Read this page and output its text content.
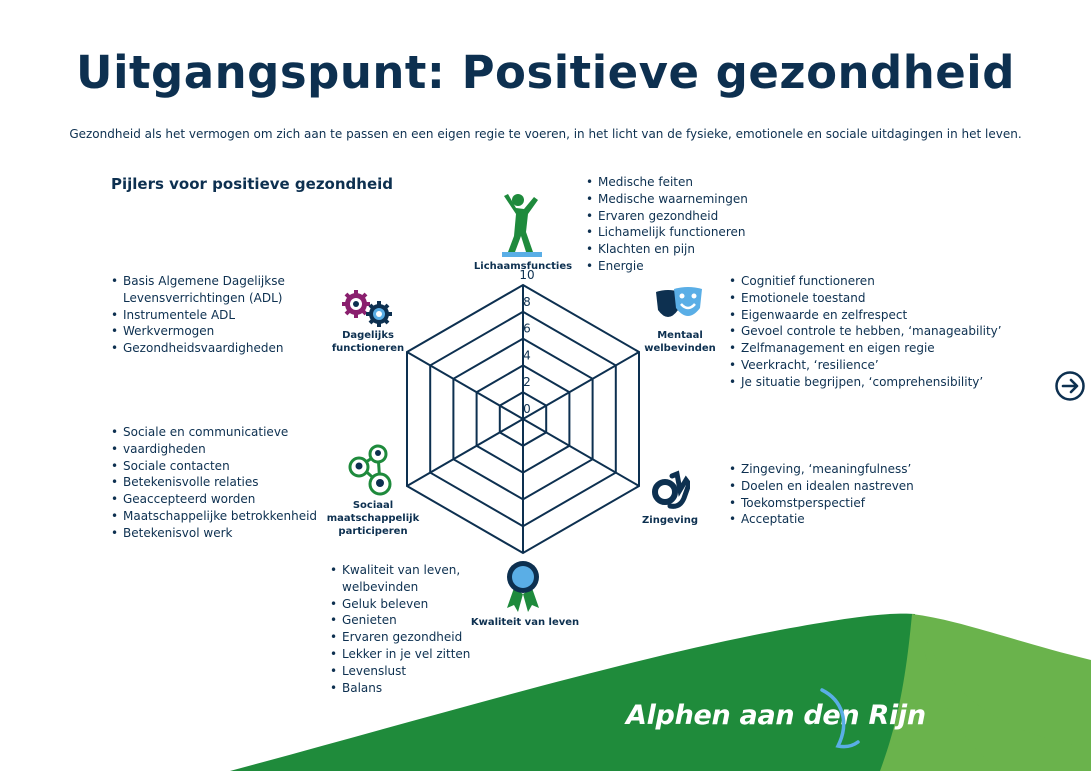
Uitgangspunt: Positieve gezondheid
Gezondheid als het vermogen om zich aan te passen en een eigen regie te voeren, in het licht van de fysieke, emotionele en sociale uitdagingen in het leven.
Pijlers voor positieve gezondheid
0
2
4
6
8
10
Lichaamsfuncties
• Medische feiten
• Medische waarnemingen
• Ervaren gezondheid
• Lichamelijk functioneren
• Klachten en pijn
• Energie
Mentaal
welbevinden
• Cognitief functioneren
• Emotionele toestand
• Eigenwaarde en zelfrespect
• Gevoel controle te hebben, ‘manageability’
• Zelfmanagement en eigen regie
• Veerkracht, ‘resilience’
• Je situatie begrijpen, ‘comprehensibility’
Zingeving
• Zingeving, ‘meaningfulness’
• Doelen en idealen nastreven
• Toekomstperspectief
• Acceptatie
Kwaliteit van leven
• Kwaliteit van leven,
welbevinden
• Geluk beleven
• Genieten
• Ervaren gezondheid
• Lekker in je vel zitten
• Levenslust
• Balans
Sociaal
maatschappelijk
participeren
• Sociale en communicatieve
• vaardigheden
• Sociale contacten
• Betekenisvolle relaties
• Geaccepteerd worden
• Maatschappelijke betrokkenheid
• Betekenisvol werk
Dagelijks
functioneren
• Basis Algemene Dagelijkse
Levensverrichtingen (ADL)
• Instrumentele ADL
• Werkvermogen
• Gezondheidsvaardigheden
Alphen aan den Rijn
